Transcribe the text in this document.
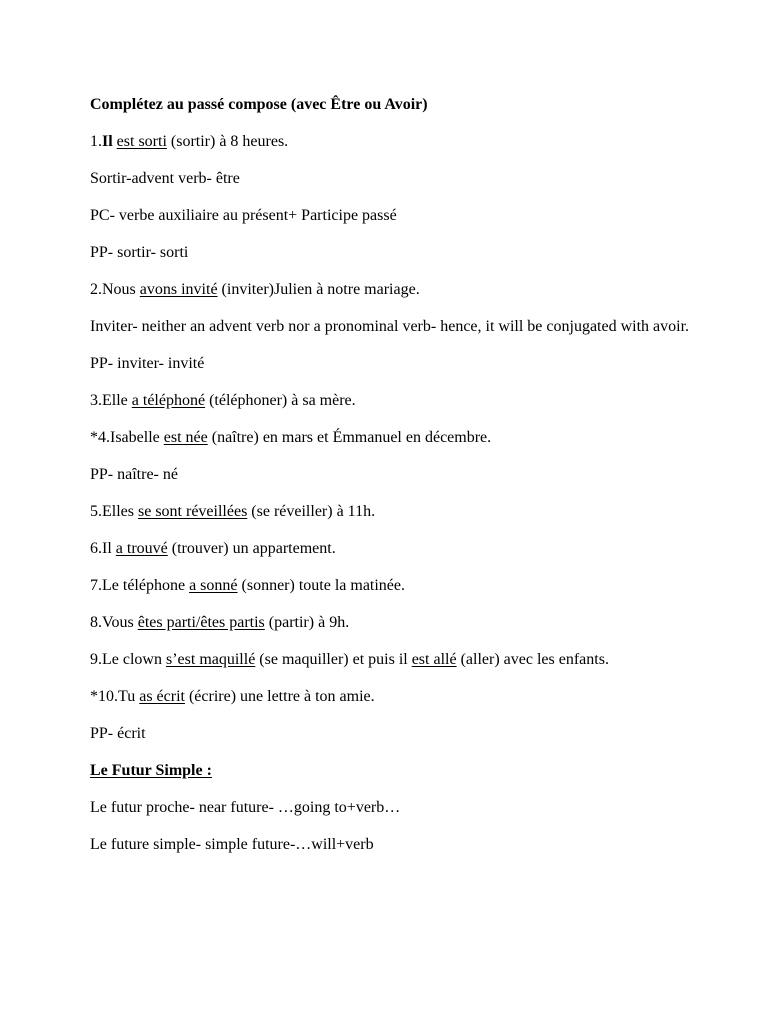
Complétez au passé compose (avec Être ou Avoir)
1.Il est sorti (sortir) à 8 heures.
Sortir-advent verb- être
PC- verbe auxiliaire au présent+ Participe passé
PP- sortir- sorti
2.Nous avons invité (inviter)Julien à notre mariage.
Inviter- neither an advent verb nor a pronominal verb- hence, it will be conjugated with avoir.
PP- inviter- invité
3.Elle a téléphoné (téléphoner) à sa mère.
*4.Isabelle est née (naître) en mars et Émmanuel en décembre.
PP- naître- né
5.Elles se sont réveillées (se réveiller) à 11h.
6.Il a trouvé (trouver) un appartement.
7.Le téléphone a sonné (sonner) toute la matinée.
8.Vous êtes parti/êtes partis (partir) à 9h.
9.Le clown s’est maquillé (se maquiller) et puis il est allé (aller) avec les enfants.
*10.Tu as écrit (écrire) une lettre à ton amie.
PP- écrit
Le Futur Simple :
Le futur proche- near future- …going to+verb…
Le future simple- simple future-…will+verb
